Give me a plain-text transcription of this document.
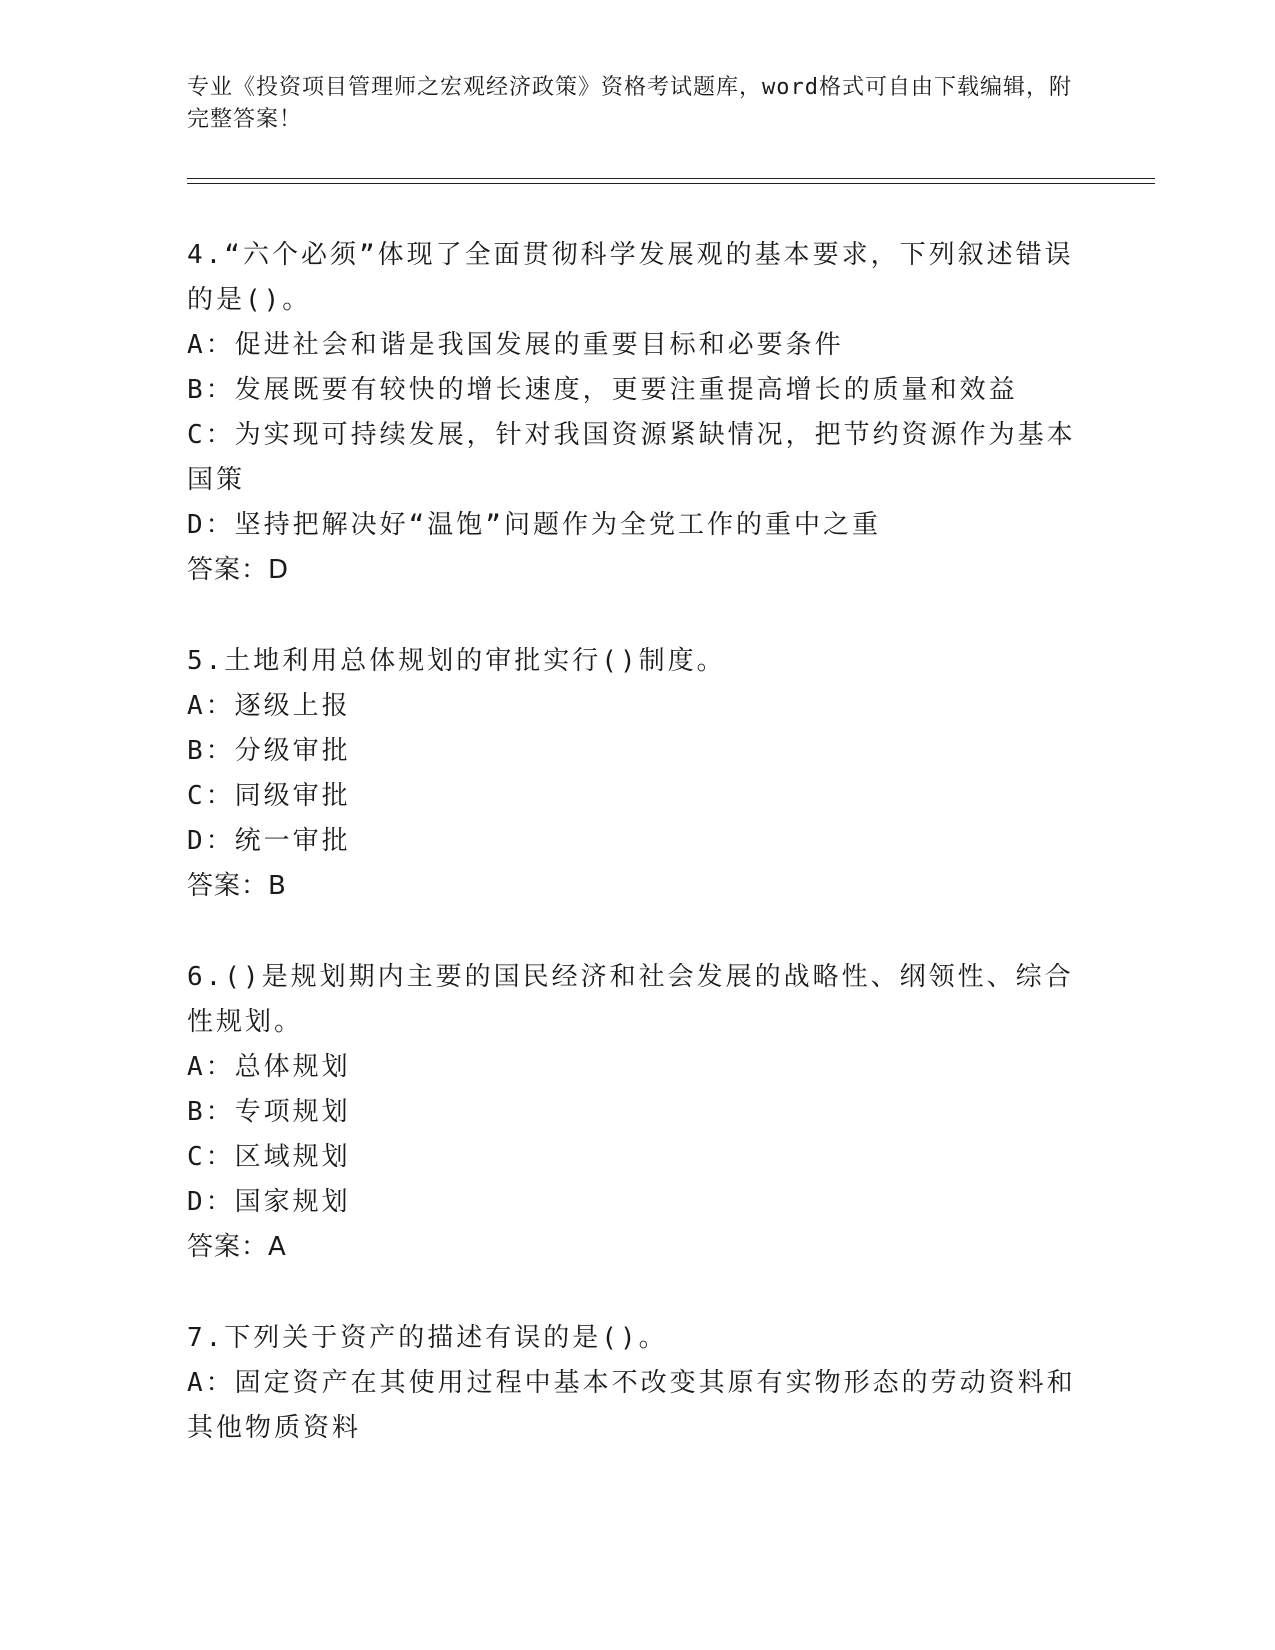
专业《投资项目管理师之宏观经济政策》资格考试题库，word格式可自由下载编辑，附完整答案！

4.“六个必须”体现了全面贯彻科学发展观的基本要求，下列叙述错误的是()。

A：促进社会和谐是我国发展的重要目标和必要条件

B：发展既要有较快的增长速度，更要注重提高增长的质量和效益

C：为实现可持续发展，针对我国资源紧缺情况，把节约资源作为基本国策

D：坚持把解决好“温饱”问题作为全党工作的重中之重

答案：D

5.土地利用总体规划的审批实行()制度。

A：逐级上报

B：分级审批

C：同级审批

D：统一审批

答案：B

6.()是规划期内主要的国民经济和社会发展的战略性、纲领性、综合性规划。

A：总体规划

B：专项规划

C：区域规划

D：国家规划

答案：A

7.下列关于资产的描述有误的是()。

A：固定资产在其使用过程中基本不改变其原有实物形态的劳动资料和其他物质资料
